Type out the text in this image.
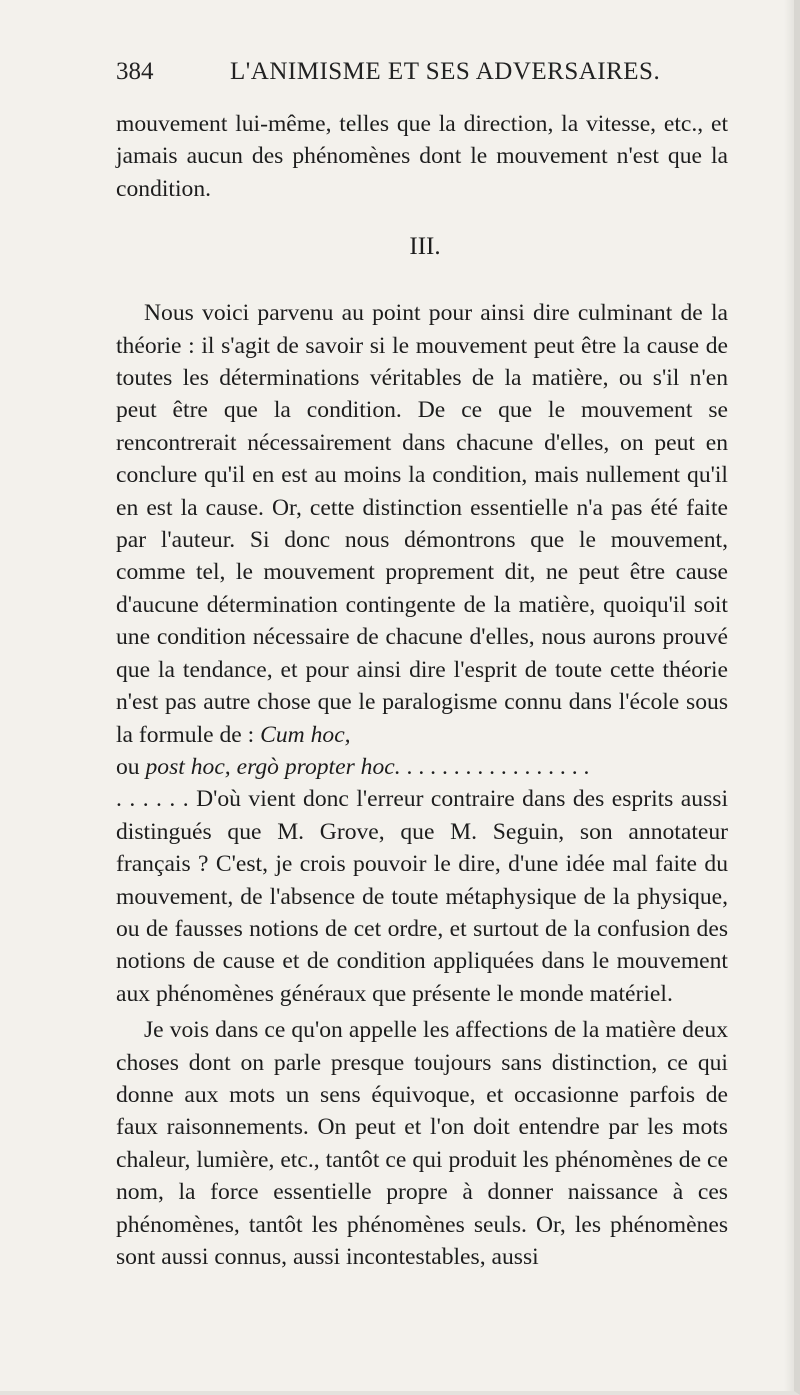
384	L'ANIMISME ET SES ADVERSAIRES.

mouvement lui-même, telles que la direction, la vitesse, etc., et jamais aucun des phénomènes dont le mouvement n'est que la condition.

III.

Nous voici parvenu au point pour ainsi dire culminant de la théorie : il s'agit de savoir si le mouvement peut être la cause de toutes les déterminations véritables de la matière, ou s'il n'en peut être que la condition. De ce que le mouvement se rencontrerait nécessairement dans chacune d'elles, on peut en conclure qu'il en est au moins la condition, mais nullement qu'il en est la cause. Or, cette distinction essentielle n'a pas été faite par l'auteur. Si donc nous démontrons que le mouvement, comme tel, le mouvement proprement dit, ne peut être cause d'aucune détermination contingente de la matière, quoiqu'il soit une condition nécessaire de chacune d'elles, nous aurons prouvé que la tendance, et pour ainsi dire l'esprit de toute cette théorie n'est pas autre chose que le paralogisme connu dans l'école sous la formule de : Cum hoc,
ou post hoc, ergò propter hoc. . . . . . . . . . . . . . . . .

. . . . . . D'où vient donc l'erreur contraire dans des esprits aussi distingués que M. Grove, que M. Seguin, son annotateur français ? C'est, je crois pouvoir le dire, d'une idée mal faite du mouvement, de l'absence de toute métaphysique de la physique, ou de fausses notions de cet ordre, et surtout de la confusion des notions de cause et de condition appliquées dans le mouvement aux phénomènes généraux que présente le monde matériel.

Je vois dans ce qu'on appelle les affections de la matière deux choses dont on parle presque toujours sans distinction, ce qui donne aux mots un sens équivoque, et occasionne parfois de faux raisonnements. On peut et l'on doit entendre par les mots chaleur, lumière, etc., tantôt ce qui produit les phénomènes de ce nom, la force essentielle propre à donner naissance à ces phénomènes, tantôt les phénomènes seuls. Or, les phénomènes sont aussi connus, aussi incontestables, aussi
